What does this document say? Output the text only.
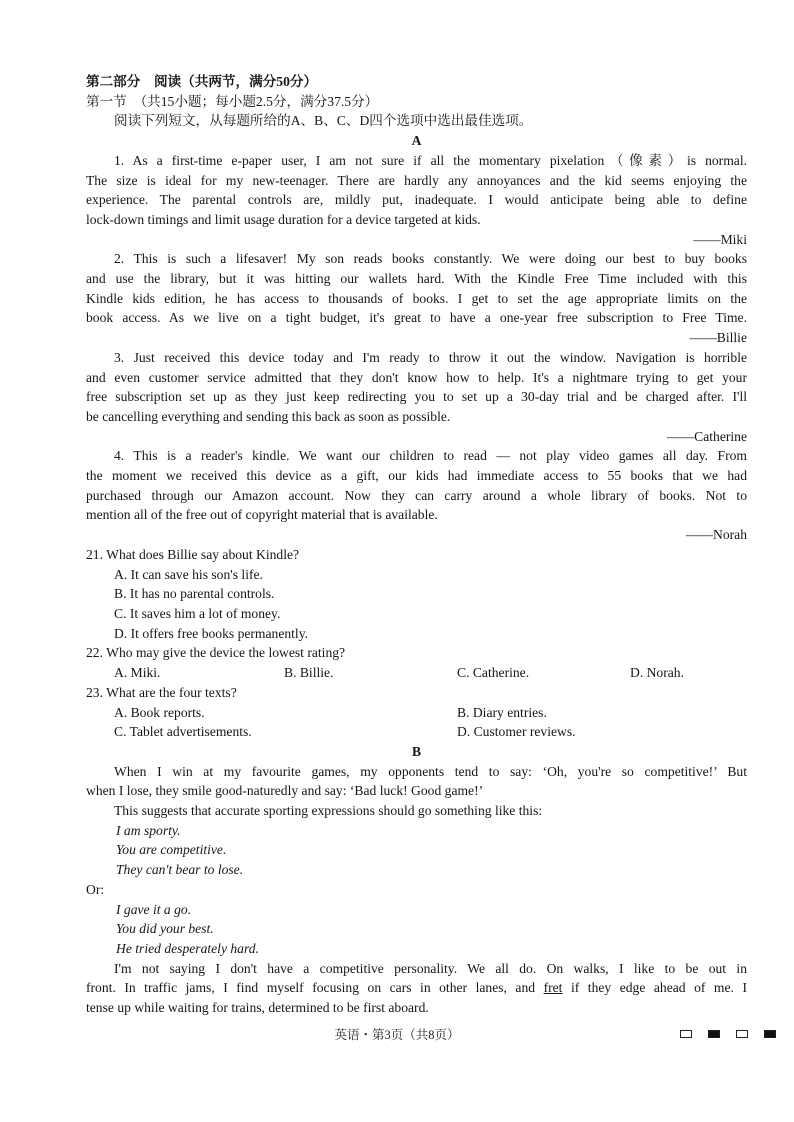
第二部分　阅读（共两节，满分50分）

第一节　（共15小题；每小题2.5分，满分37.5分）

阅读下列短文，从每题所给的A、B、C、D四个选项中选出最佳选项。

A

1. As a first-time e-paper user, I am not sure if all the momentary pixelation（像素）is normal.

The size is ideal for my new-teenager. There are hardly any annoyances and the kid seems enjoying the

experience. The parental controls are, mildly put, inadequate. I would anticipate being able to define

lock-down timings and limit usage duration for a device targeted at kids.

——Miki

2. This is such a lifesaver! My son reads books constantly. We were doing our best to buy books

and use the library, but it was hitting our wallets hard. With the Kindle Free Time included with this

Kindle kids edition, he has access to thousands of books. I get to set the age appropriate limits on the

book access. As we live on a tight budget, it's great to have a one-year free subscription to Free Time.

——Billie

3. Just received this device today and I'm ready to throw it out the window. Navigation is horrible

and even customer service admitted that they don't know how to help. It's a nightmare trying to get your

free subscription set up as they just keep redirecting you to set up a 30-day trial and be charged after. I'll

be cancelling everything and sending this back as soon as possible.

——Catherine

4. This is a reader's kindle. We want our children to read — not play video games all day. From

the moment we received this device as a gift, our kids had immediate access to 55 books that we had

purchased through our Amazon account. Now they can carry around a whole library of books. Not to

mention all of the free out of copyright material that is available.

——Norah

21. What does Billie say about Kindle?

A. It can save his son's life.

B. It has no parental controls.

C. It saves him a lot of money.

D. It offers free books permanently.

22. Who may give the device the lowest rating?

A. Miki.	B. Billie.	C. Catherine.	D. Norah.

23. What are the four texts?

A. Book reports.	B. Diary entries.
C. Tablet advertisements.	D. Customer reviews.

B

When I win at my favourite games, my opponents tend to say: ‘Oh, you're so competitive!’ But

when I lose, they smile good-naturedly and say: ‘Bad luck! Good game!’

This suggests that accurate sporting expressions should go something like this:

I am sporty.

You are competitive.

They can't bear to lose.

Or:

I gave it a go.

You did your best.

He tried desperately hard.

I'm not saying I don't have a competitive personality. We all do. On walks, I like to be out in

front. In traffic jams, I find myself focusing on cars in other lanes, and fret if they edge ahead of me. I

tense up while waiting for trains, determined to be first aboard.

英语・第3页（共8页）
